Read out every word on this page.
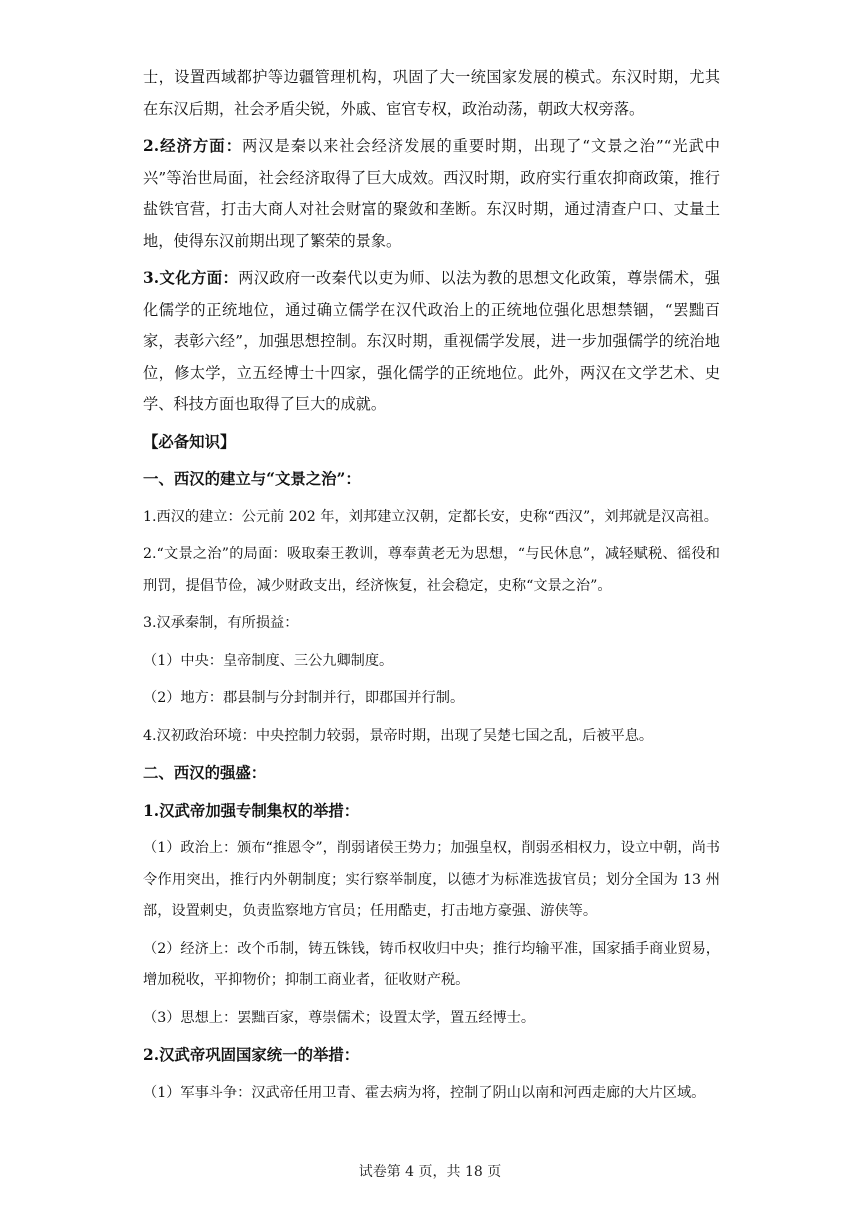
士，设置西域都护等边疆管理机构，巩固了大一统国家发展的模式。东汉时期，尤其在东汉后期，社会矛盾尖锐，外戚、宦官专权，政治动荡，朝政大权旁落。

2.经济方面：两汉是秦以来社会经济发展的重要时期，出现了“文景之治”“光武中兴”等治世局面，社会经济取得了巨大成效。西汉时期，政府实行重农抑商政策，推行盐铁官营，打击大商人对社会财富的聚敛和垄断。东汉时期，通过清查户口、丈量土地，使得东汉前期出现了繁荣的景象。

3.文化方面：两汉政府一改秦代以吏为师、以法为教的思想文化政策，尊崇儒术，强化儒学的正统地位，通过确立儒学在汉代政治上的正统地位强化思想禁锢，“罢黜百家，表彰六经”，加强思想控制。东汉时期，重视儒学发展，进一步加强儒学的统治地位，修太学，立五经博士十四家，强化儒学的正统地位。此外，两汉在文学艺术、史学、科技方面也取得了巨大的成就。

【必备知识】

一、西汉的建立与“文景之治”：

1.西汉的建立：公元前 202 年，刘邦建立汉朝，定都长安，史称“西汉”，刘邦就是汉高祖。

2.“文景之治”的局面：吸取秦王教训，尊奉黄老无为思想，“与民休息”，减轻赋税、徭役和刑罚，提倡节俭，减少财政支出，经济恢复，社会稳定，史称“文景之治”。

3.汉承秦制，有所损益：

（1）中央：皇帝制度、三公九卿制度。

（2）地方：郡县制与分封制并行，即郡国并行制。

4.汉初政治环境：中央控制力较弱，景帝时期，出现了吴楚七国之乱，后被平息。

二、西汉的强盛：

1.汉武帝加强专制集权的举措：

（1）政治上：颁布“推恩令”，削弱诸侯王势力；加强皇权，削弱丞相权力，设立中朝，尚书令作用突出，推行内外朝制度；实行察举制度，以德才为标准选拔官员；划分全国为 13 州部，设置刺史，负责监察地方官员；任用酷吏，打击地方豪强、游侠等。

（2）经济上：改个币制，铸五铢钱，铸币权收归中央；推行均输平准，国家插手商业贸易，增加税收，平抑物价；抑制工商业者，征收财产税。

（3）思想上：罢黜百家，尊崇儒术；设置太学，置五经博士。

2.汉武帝巩固国家统一的举措：

（1）军事斗争：汉武帝任用卫青、霍去病为将，控制了阴山以南和河西走廊的大片区域。

试卷第 4 页，共 18 页
